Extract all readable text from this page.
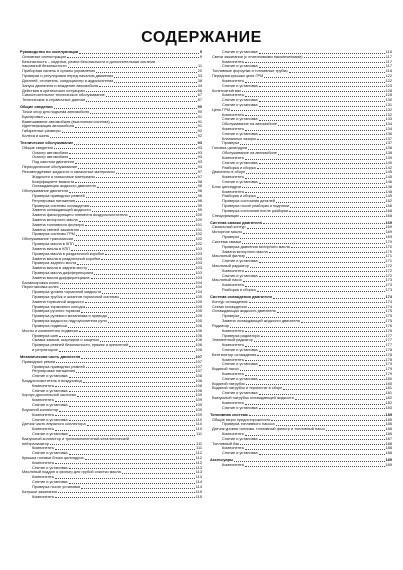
СОДЕРЖАНИЕ
Руководство по эксплуатации	9
Основные иллюстрации	9
Безопасность – сиденья, ремни безопасности и дополнительная система
пассивной безопасности	11
Приборная панель и органы управления	20
Проверки и регулировки перед началом движения	33
Дисплей, отопитель, кондиционер и аудиосистема	38
Запуск двигателя и вождение автомобиля	44
Действия в критических ситуациях	66
Самостоятельное техническое обслуживание	67
Технические и справочные данные	87
Общие сведения	90
Точки опор для подъема автомобиля	90
Буксировка	91
Вывешивание автомобиля (выхлопная система)	91
Идентификация автомобиля	91
Габаритные размеры	92
Колеса и шины	92
Техническое обслуживание	93
Общие сведения	93
Осмотр автомобиля	93
Осмотр автомобиля	93
Под капотом двигателя	93
Периодическое обслуживание	94
Рекомендуемые жидкости и смазочные материалы	97
Жидкости и смазочные материалы	97
Коэффициент вязкости	98
Охлаждающая жидкость двигателя	98
Обслуживание двигателя	98
Проверка приводных ремней	98
Регулировка натяжения	98
Проверка системы охлаждения	99
Замена охлаждающей жидкости	99
Замена фильтрующего элемента воздухоочистителя	100
Замена моторного масла	100
Замена топливного фильтра	101
Замена свечей зажигания	101
Проверка системы ГРМ	102
Обслуживание трансмиссии	102
Проверка масла в КПП	102
Замена масла в КПП	103
Проверка масла в раздаточной коробке	103
Замена масла в раздаточной коробке	103
Проверка заднего моста	103
Замена масла в заднем мосту	103
Проверка масла дифференциала	103
Замена масла дифференциала	103
Балансировка колес	104
Перестановка колес	104
Проверка уровня тормозной жидкости	104
Проверка трубок и шлангов тормозной системы	105
Замена тормозной жидкости	105
Проверка тормозных колодок	105
Проверка ручного тормоза	105
Проверка рулевого механизма и привода	105
Проверка жидкости гидроусилителя руля	105
Проверка подвески	106
Мосты и компоненты подвески	106
Проверка шин	106
Смазка замков, шарниров и защелок	106
Проверка ремней безопасности, пряжек и креплений	106
и регуляторов	106
Механическая часть двигателя	107
Приводные ремни	107
Проверка приводных ремней	107
Регулировка натяжения	107
Снятие и установка	108
Воздухоочиститель и воздуховод	108
Компоненты	108
Снятие и установка	108
Корпус дроссельной заслонки	109
Компоненты	109
Снятие и установка	109
Впускной коллектор	109
Компоненты	109
Снятие и установка	110
Датчик часть впускного коллектора	110
Компоненты	110
Снятие и установка	111
Выпускной коллектор и трехкомпонентный каталитический
нейтрализатор	111
Компоненты	111
Снятие и установка	112
Крышка головки блока цилиндров	112
Компоненты	112
Снятие и установка	113
Масляный поддон и фильтр для грубой очистки масла	113
Компоненты	113
Снятие и установка	114
Проверка после установки	114
Катушки зажигания	115
Компоненты	115
Снятие и установка	116
Свечи зажигания (с платиновыми наконечниками)	117
Компоненты	117
Снятие и установка	117
Топливные форсунки и топливные трубки	118
Передняя крышка цепи ГРМ	122
Компоненты	122
Снятие и установка	123
Коленчатый вал	128
Компоненты	128
Снятие и установка	130
Снятие и установка	131
Цепь ГРМ	132
Компоненты	132
Снятие и установка	133
Обслуживание на автомобиле	134
Компоненты	134
Снятие и установка	136
Клапанные зазоры	137
Проверка	137
Головка цилиндров	138
Обслуживание на автомобиле	138
Компоненты	139
Снятие и установка	140
Разборка и сборка	142
Двигатель в сборе	145
Компоненты	145
Снятие и установка	146
Блок цилиндров	148
Компоненты	148
Разборка и сборка	149
Проверка состояния деталей	152
Проверка после разборки и подгонки	158
Проверка состояния после разборки	168
Спецификации	168
Система смазки двигателя	169
Смазочный контур	169
Моторное масло	169
Проверка	169
Система смазки	170
Проверка давления моторного масла	170
Замена моторного масла	170
Масляный фильтр	171
Снятие и установка	171
Масляный радиатор	172
Компоненты	172
Снятие и установка	172
Масляный насос	173
Компоненты	173
Разборка и сборка	173
Система охлаждения двигателя	174
Контур охлаждения	174
Схема охлаждения	174
Охлаждающая жидкость двигателя	175
Проверка	175
Замена охлаждающей жидкости двигателя	175
Радиатор	176
Компоненты	176
Проверка радиатора	177
Элементный радиатор	177
Компоненты	177
Снятие и установка	178
Вентилятор охлаждения	178
Компоненты	178
Снятие и установка	179
Водяной насос	179
Компоненты	179
Снятие и установка	180
Водяной патрубок	180
Водяной патрубок и термостат в сборе	181
Снятие и установка	181
Выпускной патрубок охлаждающей жидкости	182
Компоненты	182
Снятие и установка	183
Топливная система	185
Общие меры предосторожности	185
Проверка топливного насоса	186
Датчик уровня топлива, топливный фильтр и топливный насос	186
Компоненты	186
Снятие и установка	187
Топливный бак	188
Компоненты	188
Снятие и установка	188
Аксессуары	189
Компоненты	189
